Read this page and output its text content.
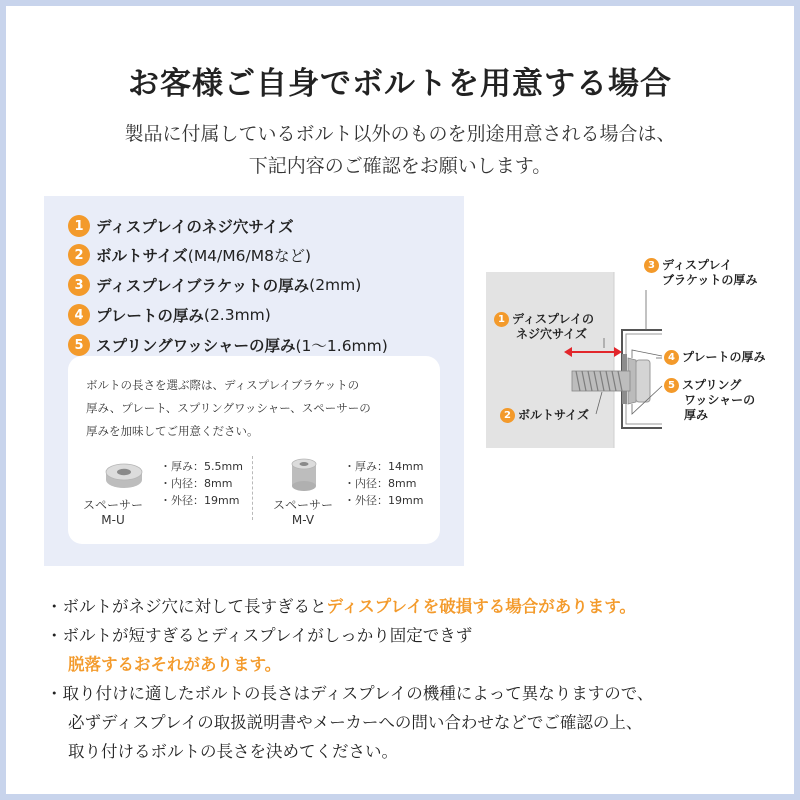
お客様ご自身でボルトを用意する場合
製品に付属しているボルト以外のものを別途用意される場合は、
下記内容のご確認をお願いします。
1 ディスプレイのネジ穴サイズ
2 ボルトサイズ (M4/M6/M8など)
3 ディスプレイブラケットの厚み (2mm)
4 プレートの厚み (2.3mm)
5 スプリングワッシャーの厚み (1〜1.6mm)
ボルトの長さを選ぶ際は、ディスプレイブラケットの
厚み、プレート、スプリングワッシャー、スペーサーの
厚みを加味してご用意ください。
スペーサー
M-U
・厚み：5.5mm
・内径：8mm
・外径：19mm	スペーサー
M-V
・厚み：14mm
・内径：8mm
・外径：19mm
3 ディスプレイ
ブラケットの厚み
1 ディスプレイの
ネジ穴サイズ
4 プレートの厚み
5 スプリング
ワッシャーの
厚み
2 ボルトサイズ
・ボルトがネジ穴に対して長すぎるとディスプレイを破損する場合があります。
・ボルトが短すぎるとディスプレイがしっかり固定できず
脱落するおそれがあります。
・取り付けに適したボルトの長さはディスプレイの機種によって異なりますので、
必ずディスプレイの取扱説明書やメーカーへの問い合わせなどでご確認の上、
取り付けるボルトの長さを決めてください。
